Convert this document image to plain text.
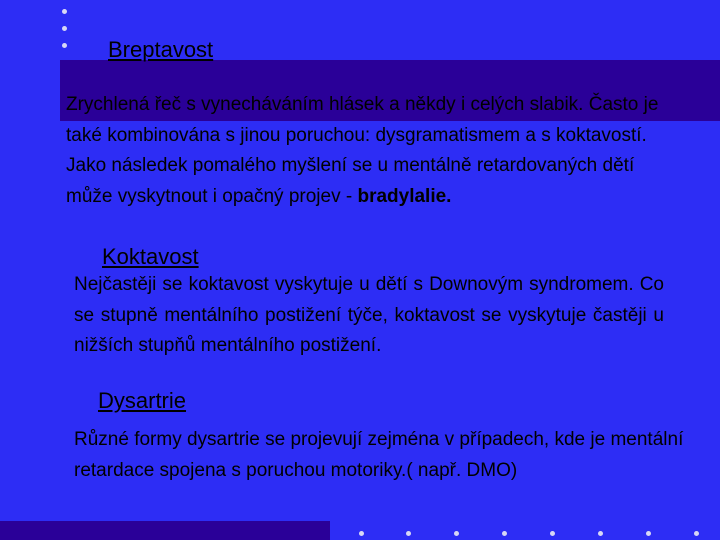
Breptavost

Zrychlená řeč s vynecháváním hlásek a někdy i celých slabik. Často je také kombinována s jinou poruchou: dysgramatismem a s koktavostí. Jako následek pomalého myšlení se u mentálně retardovaných dětí může vyskytnout i opačný projev - bradylalie.

Koktavost

Nejčastěji se koktavost vyskytuje u dětí s Downovým syndromem. Co se stupně mentálního postižení týče, koktavost se vyskytuje častěji u nižších stupňů mentálního postižení.

Dysartrie

Různé formy dysartrie se projevují zejména v případech, kde je mentální retardace spojena s poruchou motoriky.( např. DMO)
